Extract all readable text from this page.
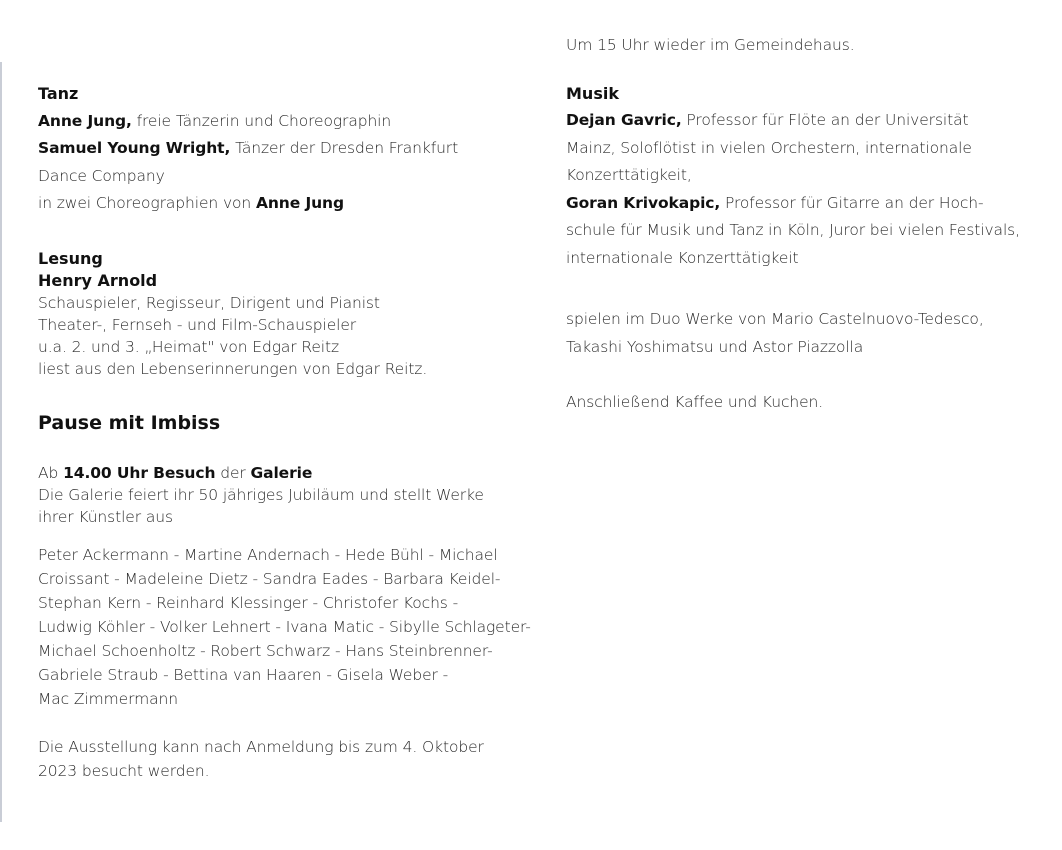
Tanz
Anne Jung, freie Tänzerin und Choreographin
Samuel Young Wright, Tänzer der Dresden Frankfurt
Dance Company
in zwei Choreographien von Anne Jung
Lesung
Henry Arnold
Schauspieler, Regisseur, Dirigent und Pianist
Theater-, Fernseh - und Film-Schauspieler
u.a. 2. und 3. „Heimat" von Edgar Reitz
liest aus den Lebenserinnerungen von Edgar Reitz.
Pause mit Imbiss
Ab 14.00 Uhr Besuch der Galerie
Die Galerie feiert ihr 50 jähriges Jubiläum und stellt Werke
ihrer Künstler aus
Peter Ackermann - Martine Andernach - Hede Bühl - Michael
Croissant - Madeleine Dietz - Sandra Eades - Barbara Keidel-
Stephan Kern - Reinhard Klessinger - Christofer Kochs -
Ludwig Köhler - Volker Lehnert - Ivana Matic - Sibylle Schlageter-
Michael Schoenholtz - Robert Schwarz - Hans Steinbrenner-
Gabriele Straub - Bettina van Haaren - Gisela Weber -
Mac Zimmermann
Die Ausstellung kann nach Anmeldung bis zum 4. Oktober
2023 besucht werden.
Um 15 Uhr wieder im Gemeindehaus.
Musik
Dejan Gavric, Professor für Flöte an der Universität
Mainz, Soloflötist in vielen Orchestern, internationale
Konzerttätigkeit,
Goran Krivokapic, Professor für Gitarre an der Hoch-
schule für Musik und Tanz in Köln, Juror bei vielen Festivals,
internationale Konzerttätigkeit
spielen im Duo Werke von Mario Castelnuovo-Tedesco,
Takashi Yoshimatsu und Astor Piazzolla
Anschließend Kaffee und Kuchen.
